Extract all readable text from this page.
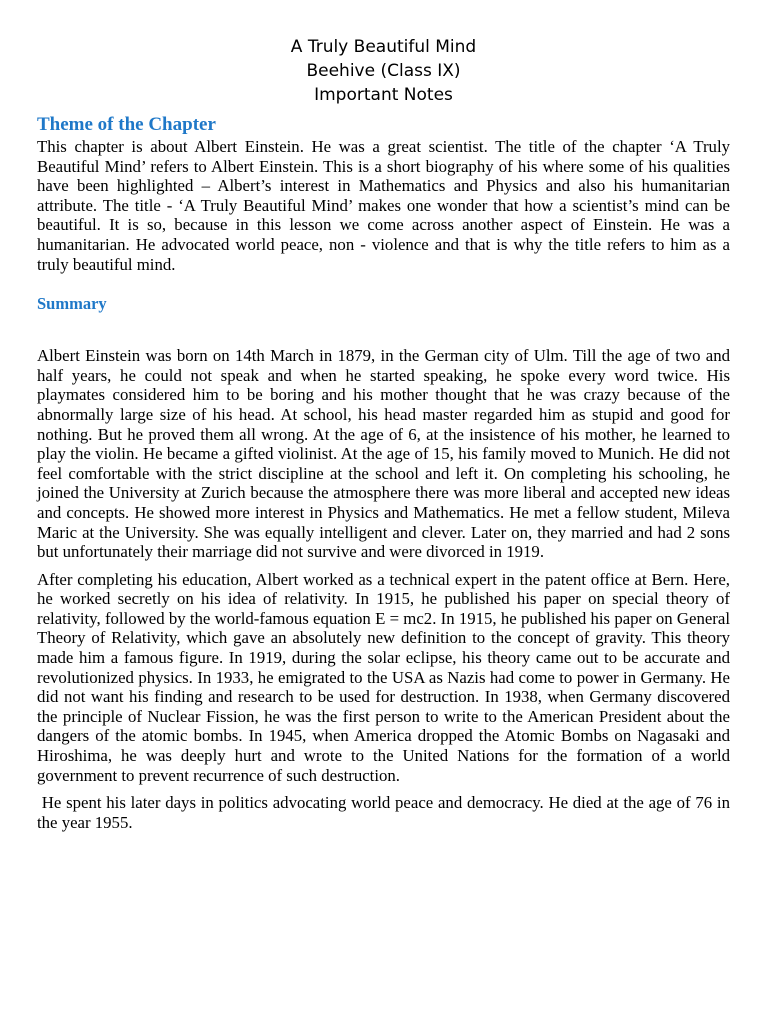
A Truly Beautiful Mind
Beehive (Class IX)
Important Notes
Theme of the Chapter

This chapter is about Albert Einstein. He was a great scientist. The title of the chapter ‘A Truly Beautiful Mind’ refers to Albert Einstein. This is a short biography of his where some of his qualities have been highlighted – Albert’s interest in Mathematics and Physics and also his humanitarian attribute. The title - ‘A Truly Beautiful Mind’ makes one wonder that how a scientist’s mind can be beautiful. It is so, because in this lesson we come across another aspect of Einstein. He was a humanitarian. He advocated world peace, non - violence and that is why the title refers to him as a truly beautiful mind.

Summary

Albert Einstein was born on 14th March in 1879, in the German city of Ulm. Till the age of two and half years, he could not speak and when he started speaking, he spoke every word twice. His playmates considered him to be boring and his mother thought that he was crazy because of the abnormally large size of his head. At school, his head master regarded him as stupid and good for nothing. But he proved them all wrong. At the age of 6, at the insistence of his mother, he learned to play the violin. He became a gifted violinist. At the age of 15, his family moved to Munich. He did not feel comfortable with the strict discipline at the school and left it. On completing his schooling, he joined the University at Zurich because the atmosphere there was more liberal and accepted new ideas and concepts. He showed more interest in Physics and Mathematics. He met a fellow student, Mileva Maric at the University. She was equally intelligent and clever. Later on, they married and had 2 sons but unfortunately their marriage did not survive and were divorced in 1919.

After completing his education, Albert worked as a technical expert in the patent office at Bern. Here, he worked secretly on his idea of relativity. In 1915, he published his paper on special theory of relativity, followed by the world-famous equation E = mc2. In 1915, he published his paper on General Theory of Relativity, which gave an absolutely new definition to the concept of gravity. This theory made him a famous figure. In 1919, during the solar eclipse, his theory came out to be accurate and revolutionized physics. In 1933, he emigrated to the USA as Nazis had come to power in Germany. He did not want his finding and research to be used for destruction. In 1938, when Germany discovered the principle of Nuclear Fission, he was the first person to write to the American President about the dangers of the atomic bombs. In 1945, when America dropped the Atomic Bombs on Nagasaki and Hiroshima, he was deeply hurt and wrote to the United Nations for the formation of a world government to prevent recurrence of such destruction.

He spent his later days in politics advocating world peace and democracy. He died at the age of 76 in the year 1955.
